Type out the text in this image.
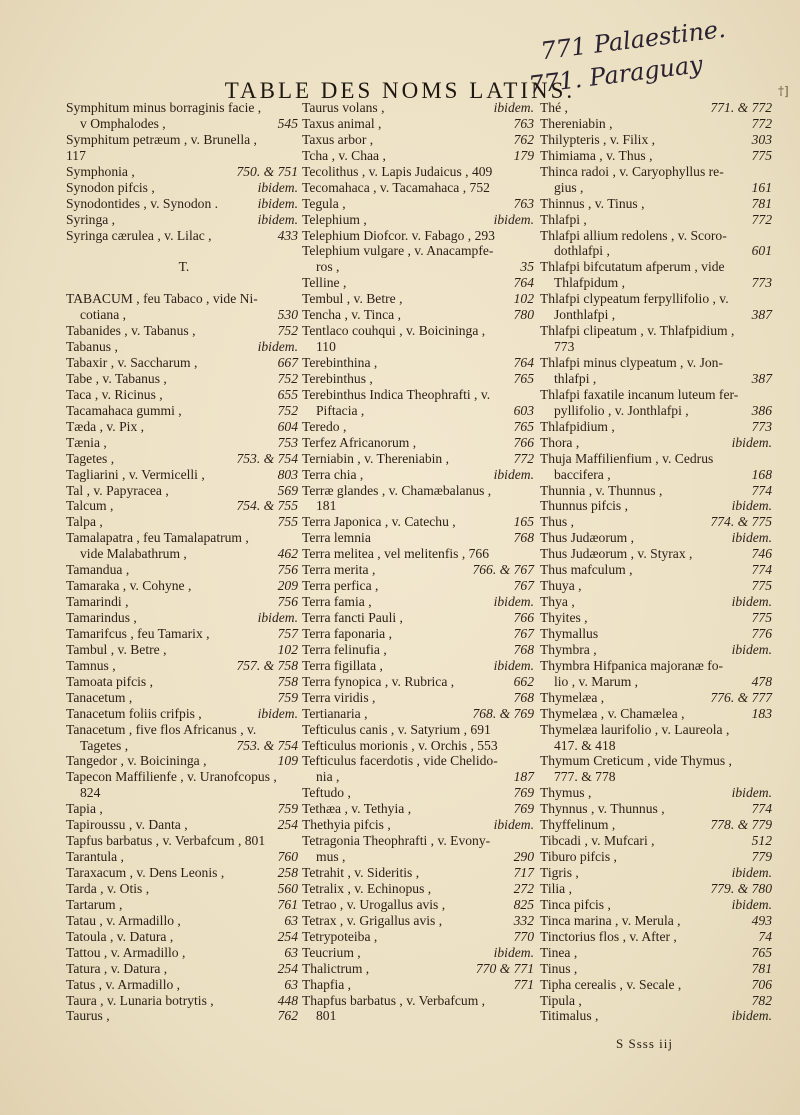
771 Palaestine.
771. Paraguay
TABLE DES NOMS LATINS.	†]
Symphitum minus borraginis facie ,
v Omphalodes ,	545
Symphitum petræum , v. Brunella ,
117
Symphonia ,	750. & 751
Synodon pifcis ,	ibidem.
Synodontides , v. Synodon .	ibidem.
Syringa ,	ibidem.
Syringa cærulea , v. Lilac ,	433
T.
TABACUM , feu Tabaco , vide Ni-
cotiana ,	530
Tabanides , v. Tabanus ,	752
Tabanus ,	ibidem.
Tabaxir , v. Saccharum ,	667
Tabe , v. Tabanus ,	752
Taca , v. Ricinus ,	655
Tacamahaca gummi ,	752
Tæda , v. Pix ,	604
Tænia ,	753
Tagetes ,	753. & 754
Tagliarini , v. Vermicelli ,	803
Tal , v. Papyracea ,	569
Talcum ,	754. & 755
Talpa ,	755
Tamalapatra , feu Tamalapatrum ,
vide Malabathrum ,	462
Tamandua ,	756
Tamaraka , v. Cohyne ,	209
Tamarindi ,	756
Tamarindus ,	ibidem.
Tamarifcus , feu Tamarix ,	757
Tambul , v. Betre ,	102
Tamnus ,	757. & 758
Tamoata pifcis ,	758
Tanacetum ,	759
Tanacetum foliis crifpis ,	ibidem.
Tanacetum , five flos Africanus , v.
Tagetes ,	753. & 754
Tangedor , v. Boicininga ,	109
Tapecon Maffilienfe , v. Uranofcopus ,
824
Tapia ,	759
Tapiroussu , v. Danta ,	254
Tapfus barbatus , v. Verbafcum , 801
Tarantula ,	760
Taraxacum , v. Dens Leonis ,	258
Tarda , v. Otis ,	560
Tartarum ,	761
Tatau , v. Armadillo ,	63
Tatoula , v. Datura ,	254
Tattou , v. Armadillo ,	63
Tatura , v. Datura ,	254
Tatus , v. Armadillo ,	63
Taura , v. Lunaria botrytis ,	448
Taurus ,	762
Taurus volans ,	ibidem.
Taxus animal ,	763
Taxus arbor ,	762
Tcha , v. Chaa ,	179
Tecolithus , v. Lapis Judaicus , 409
Tecomahaca , v. Tacamahaca , 752
Tegula ,	763
Telephium ,	ibidem.
Telephium Diofcor. v. Fabago , 293
Telephium vulgare , v. Anacampfe-
ros ,	35
Telline ,	764
Tembul , v. Betre ,	102
Tencha , v. Tinca ,	780
Tentlaco couhqui , v. Boicininga ,
110
Terebinthina ,	764
Terebinthus ,	765
Terebinthus Indica Theophrafti , v.
Piftacia ,	603
Teredo ,	765
Terfez Africanorum ,	766
Terniabin , v. Thereniabin ,	772
Terra chia ,	ibidem.
Terræ glandes , v. Chamæbalanus ,
181
Terra Japonica , v. Catechu ,	165
Terra lemnia	768
Terra melitea , vel melitenfis , 766
Terra merita ,	766. & 767
Terra perfica ,	767
Terra famia ,	ibidem.
Terra fancti Pauli ,	766
Terra faponaria ,	767
Terra felinufia ,	768
Terra figillata ,	ibidem.
Terra fynopica , v. Rubrica ,	662
Terra viridis ,	768
Tertianaria ,	768. & 769
Tefticulus canis , v. Satyrium , 691
Tefticulus morionis , v. Orchis , 553
Tefticulus facerdotis , vide Chelido-
nia ,	187
Teftudo ,	769
Tethæa , v. Tethyia ,	769
Thethyia pifcis ,	ibidem.
Tetragonia Theophrafti , v. Evony-
mus ,	290
Tetrahit , v. Sideritis ,	717
Tetralix , v. Echinopus ,	272
Tetrao , v. Urogallus avis ,	825
Tetrax , v. Grigallus avis ,	332
Tetrypoteiba ,	770
Teucrium ,	ibidem.
Thalictrum ,	770 & 771
Thapfia ,	771
Thapfus barbatus , v. Verbafcum ,
801
Thé ,	771. & 772
Thereniabin ,	772
Thilypteris , v. Filix ,	303
Thimiama , v. Thus ,	775
Thinca radoi , v. Caryophyllus re-
gius ,	161
Thinnus , v. Tinus ,	781
Thlafpi ,	772
Thlafpi allium redolens , v. Scoro-
dothlafpi ,	601
Thlafpi bifcutatum afperum , vide
Thlafpidum ,	773
Thlafpi clypeatum ferpyllifolio , v.
Jonthlafpi ,	387
Thlafpi clipeatum , v. Thlafpidium ,
773
Thlafpi minus clypeatum , v. Jon-
thlafpi ,	387
Thlafpi faxatile incanum luteum fer-
pyllifolio , v. Jonthlafpi ,	386
Thlafpidium ,	773
Thora ,	ibidem.
Thuja Maffilienfium , v. Cedrus
baccifera ,	168
Thunnia , v. Thunnus ,	774
Thunnus pifcis ,	ibidem.
Thus ,	774. & 775
Thus Judæorum ,	ibidem.
Thus Judæorum , v. Styrax ,	746
Thus mafculum ,	774
Thuya ,	775
Thya ,	ibidem.
Thyites ,	775
Thymallus	776
Thymbra ,	ibidem.
Thymbra Hifpanica majoranæ fo-
lio , v. Marum ,	478
Thymelæa ,	776. & 777
Thymelæa , v. Chamælea ,	183
Thymelæa laurifolio , v. Laureola ,
417. & 418
Thymum Creticum , vide Thymus ,
777. & 778
Thymus ,	ibidem.
Thynnus , v. Thunnus ,	774
Thyffelinum ,	778. & 779
Tibcadi , v. Mufcari ,	512
Tiburo pifcis ,	779
Tigris ,	ibidem.
Tilia ,	779. & 780
Tinca pifcis ,	ibidem.
Tinca marina , v. Merula ,	493
Tinctorius flos , v. After ,	74
Tinea ,	765
Tinus ,	781
Tipha cerealis , v. Secale ,	706
Tipula ,	782
Titimalus ,	ibidem.
S Ssss iij
